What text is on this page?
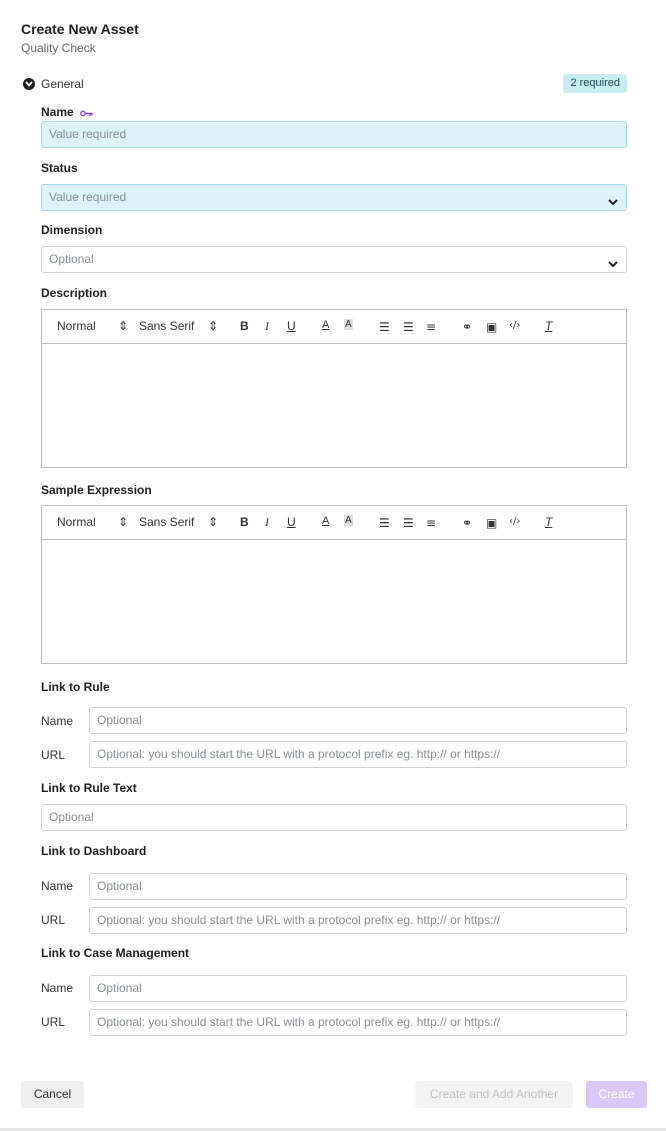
Create New Asset
Quality Check
General	2 required
Name
Value required
Status
Value required
Dimension
Optional
Description
Normal ⇕ Sans Serif ⇕ B I U A A ☰ ☰ ≡ ⚭ ▣ ‹/› T
Sample Expression
Normal ⇕ Sans Serif ⇕ B I U A A ☰ ☰ ≡ ⚭ ▣ ‹/› T
Link to Rule
Name	Optional
URL	Optional: you should start the URL with a protocol prefix eg. http:// or https://
Link to Rule Text
Optional
Link to Dashboard
Name	Optional
URL	Optional: you should start the URL with a protocol prefix eg. http:// or https://
Link to Case Management
Name	Optional
URL	Optional: you should start the URL with a protocol prefix eg. http:// or https://
Cancel	Create and Add Another	Create
